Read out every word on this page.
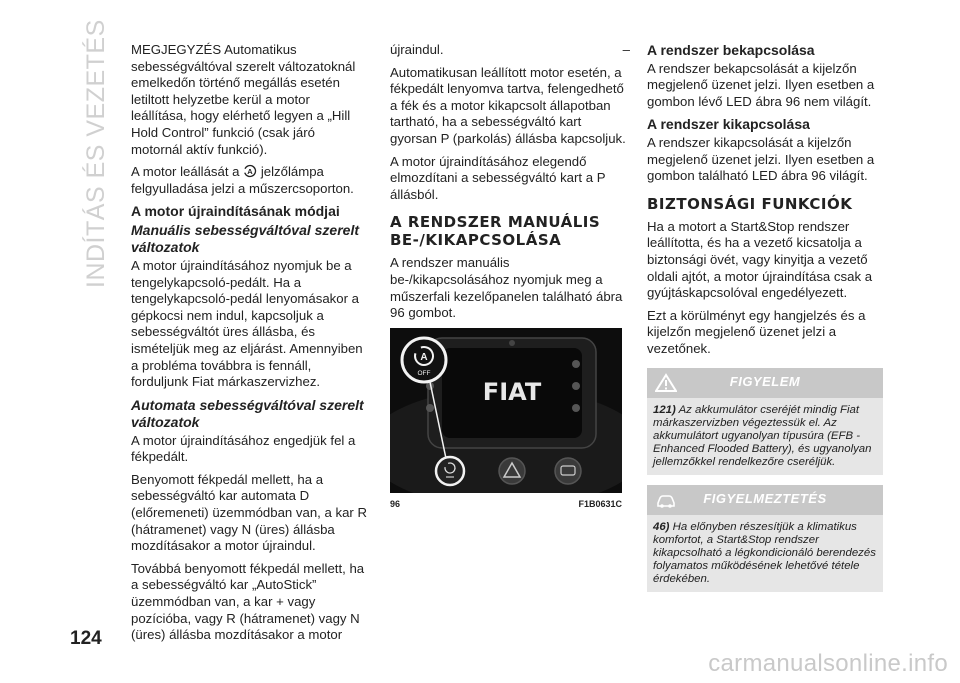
INDÍTÁS ÉS VEZETÉS MEGJEGYZÉS Automatikus sebességváltóval szerelt változatoknál emelkedőn történő megállás esetén letiltott helyzetbe kerül a motor leállítása, hogy elérhető legyen a „Hill Hold Control” funkció (csak járó motornál aktív funkció).

A motor leállását a A jelzőlámpa felgyulladása jelzi a műszercsoporton.

A motor újraindításának módjai
Manuális sebességváltóval szerelt változatok

A motor újraindításához nyomjuk be a tengelykapcsoló-pedált. Ha a tengelykapcsoló-pedál lenyomásakor a gépkocsi nem indul, kapcsoljuk a sebességváltót üres állásba, és ismételjük meg az eljárást. Amennyiben a probléma továbbra is fennáll, forduljunk Fiat márkaszervizhez.

Automata sebességváltóval szerelt változatok

A motor újraindításához engedjük fel a fékpedált.

Benyomott fékpedál mellett, ha a sebességváltó kar automata D (előremeneti) üzemmódban van, a kar R (hátramenet) vagy N (üres) állásba mozdításakor a motor újraindul.

Továbbá benyomott fékpedál mellett, ha a sebességváltó kar „AutoStick” üzemmódban van, a kar + vagy pozícióba, vagy R (hátramenet) vagy N (üres) állásba mozdításakor a motor

újraindul.	–

Automatikusan leállított motor esetén, a fékpedált lenyomva tartva, felengedhető a fék és a motor kikapcsolt állapotban tartható, ha a sebességváltó kart gyorsan P (parkolás) állásba kapcsoljuk.

A motor újraindításához elegendő elmozdítani a sebességváltó kart a P állásból.

A RENDSZER MANUÁLIS BE-/KIKAPCSOLÁSA

A rendszer manuális be-/kikapcsolásához nyomjuk meg a műszerfali kezelőpanelen található ábra 96 gombot.

FIAT
A
OFF
96	F1B0631C
A rendszer bekapcsolása

A rendszer bekapcsolását a kijelzőn megjelenő üzenet jelzi. Ilyen esetben a gombon lévő LED ábra 96 nem világít.

A rendszer kikapcsolása

A rendszer kikapcsolását a kijelzőn megjelenő üzenet jelzi. Ilyen esetben a gombon található LED ábra 96 világít.

BIZTONSÁGI FUNKCIÓK

Ha a motort a Start&Stop rendszer leállította, és ha a vezető kicsatolja a biztonsági övét, vagy kinyitja a vezető oldali ajtót, a motor újraindítása csak a gyújtáskapcsolóval engedélyezett.

Ezt a körülményt egy hangjelzés és a kijelzőn megjelenő üzenet jelzi a vezetőnek.

FIGYELEM
121) Az akkumulátor cseréjét mindig Fiat márkaszervizben végeztessük el. Az akkumulátort ugyanolyan típusúra (EFB - Enhanced Flooded Battery), és ugyanolyan jellemzőkkel rendelkezőre cseréljük.
FIGYELMEZTETÉS
46) Ha előnyben részesítjük a klimatikus komfortot, a Start&Stop rendszer kikapcsolható a légkondicionáló berendezés folyamatos működésének lehetővé tétele érdekében.
124
carmanualsonline.info
